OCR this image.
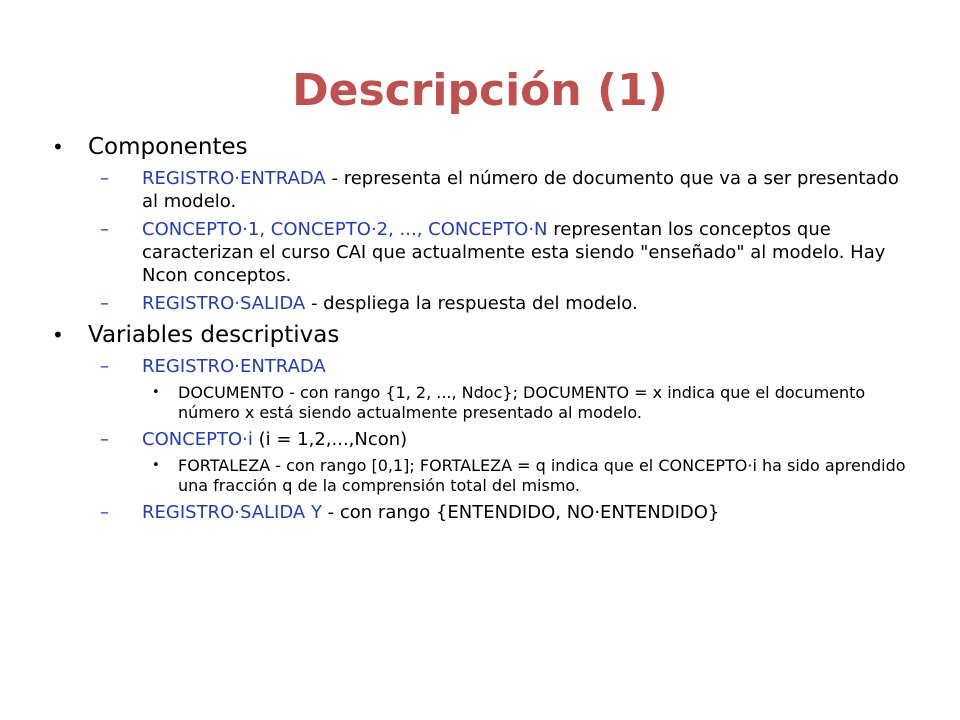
Descripción (1)
•	Componentes
–	REGISTRO·ENTRADA - representa el número de documento que va a ser presentado al modelo.
–	CONCEPTO·1, CONCEPTO·2, ..., CONCEPTO·N representan los conceptos que caracterizan el curso CAI que actualmente esta siendo "enseñado" al modelo. Hay Ncon conceptos.
–	REGISTRO·SALIDA - despliega la respuesta del modelo.
•	Variables descriptivas
–	REGISTRO·ENTRADA
•	DOCUMENTO - con rango {1, 2, ..., Ndoc}; DOCUMENTO = x indica que el documento número x está siendo actualmente presentado al modelo.
–	CONCEPTO·i (i = 1,2,...,Ncon)
•	FORTALEZA - con rango [0,1]; FORTALEZA = q indica que el CONCEPTO·i ha sido aprendido una fracción q de la comprensión total del mismo.
–	REGISTRO·SALIDA Y - con rango {ENTENDIDO, NO·ENTENDIDO}
